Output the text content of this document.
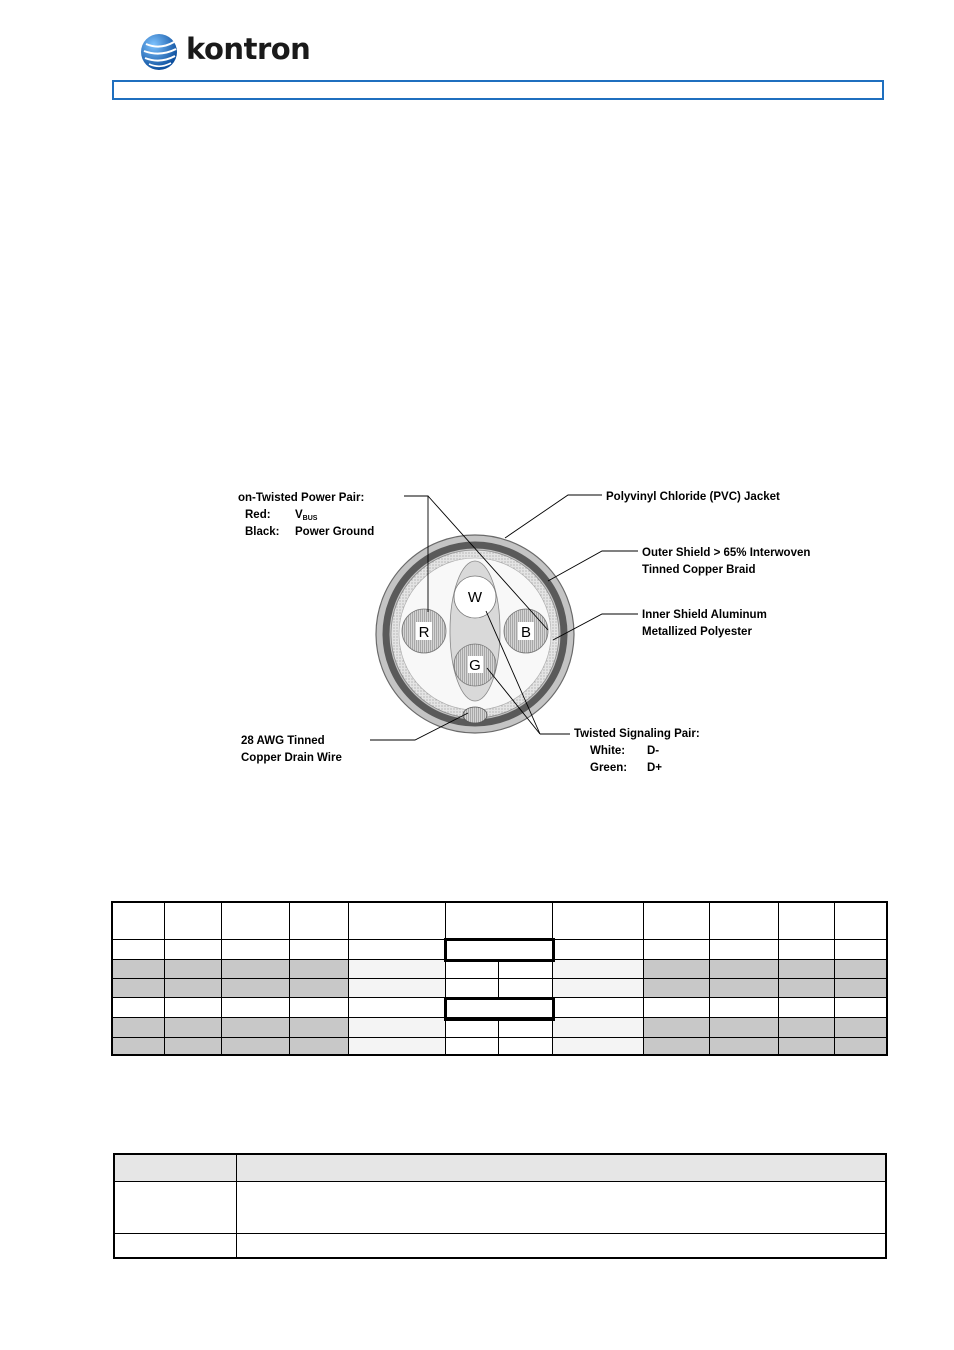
kontron
W
G
R	B
on-Twisted Power Pair:
Red: $V_{BUS}$
Black: Power Ground
Polyvinyl Chloride (PVC) Jacket
Outer Shield > 65% Interwoven
Tinned Copper Braid
Inner Shield Aluminum
Metallized Polyester
28 AWG Tinned
Copper Drain Wire
Twisted Signaling Pair:
White: D-
Green: D+
